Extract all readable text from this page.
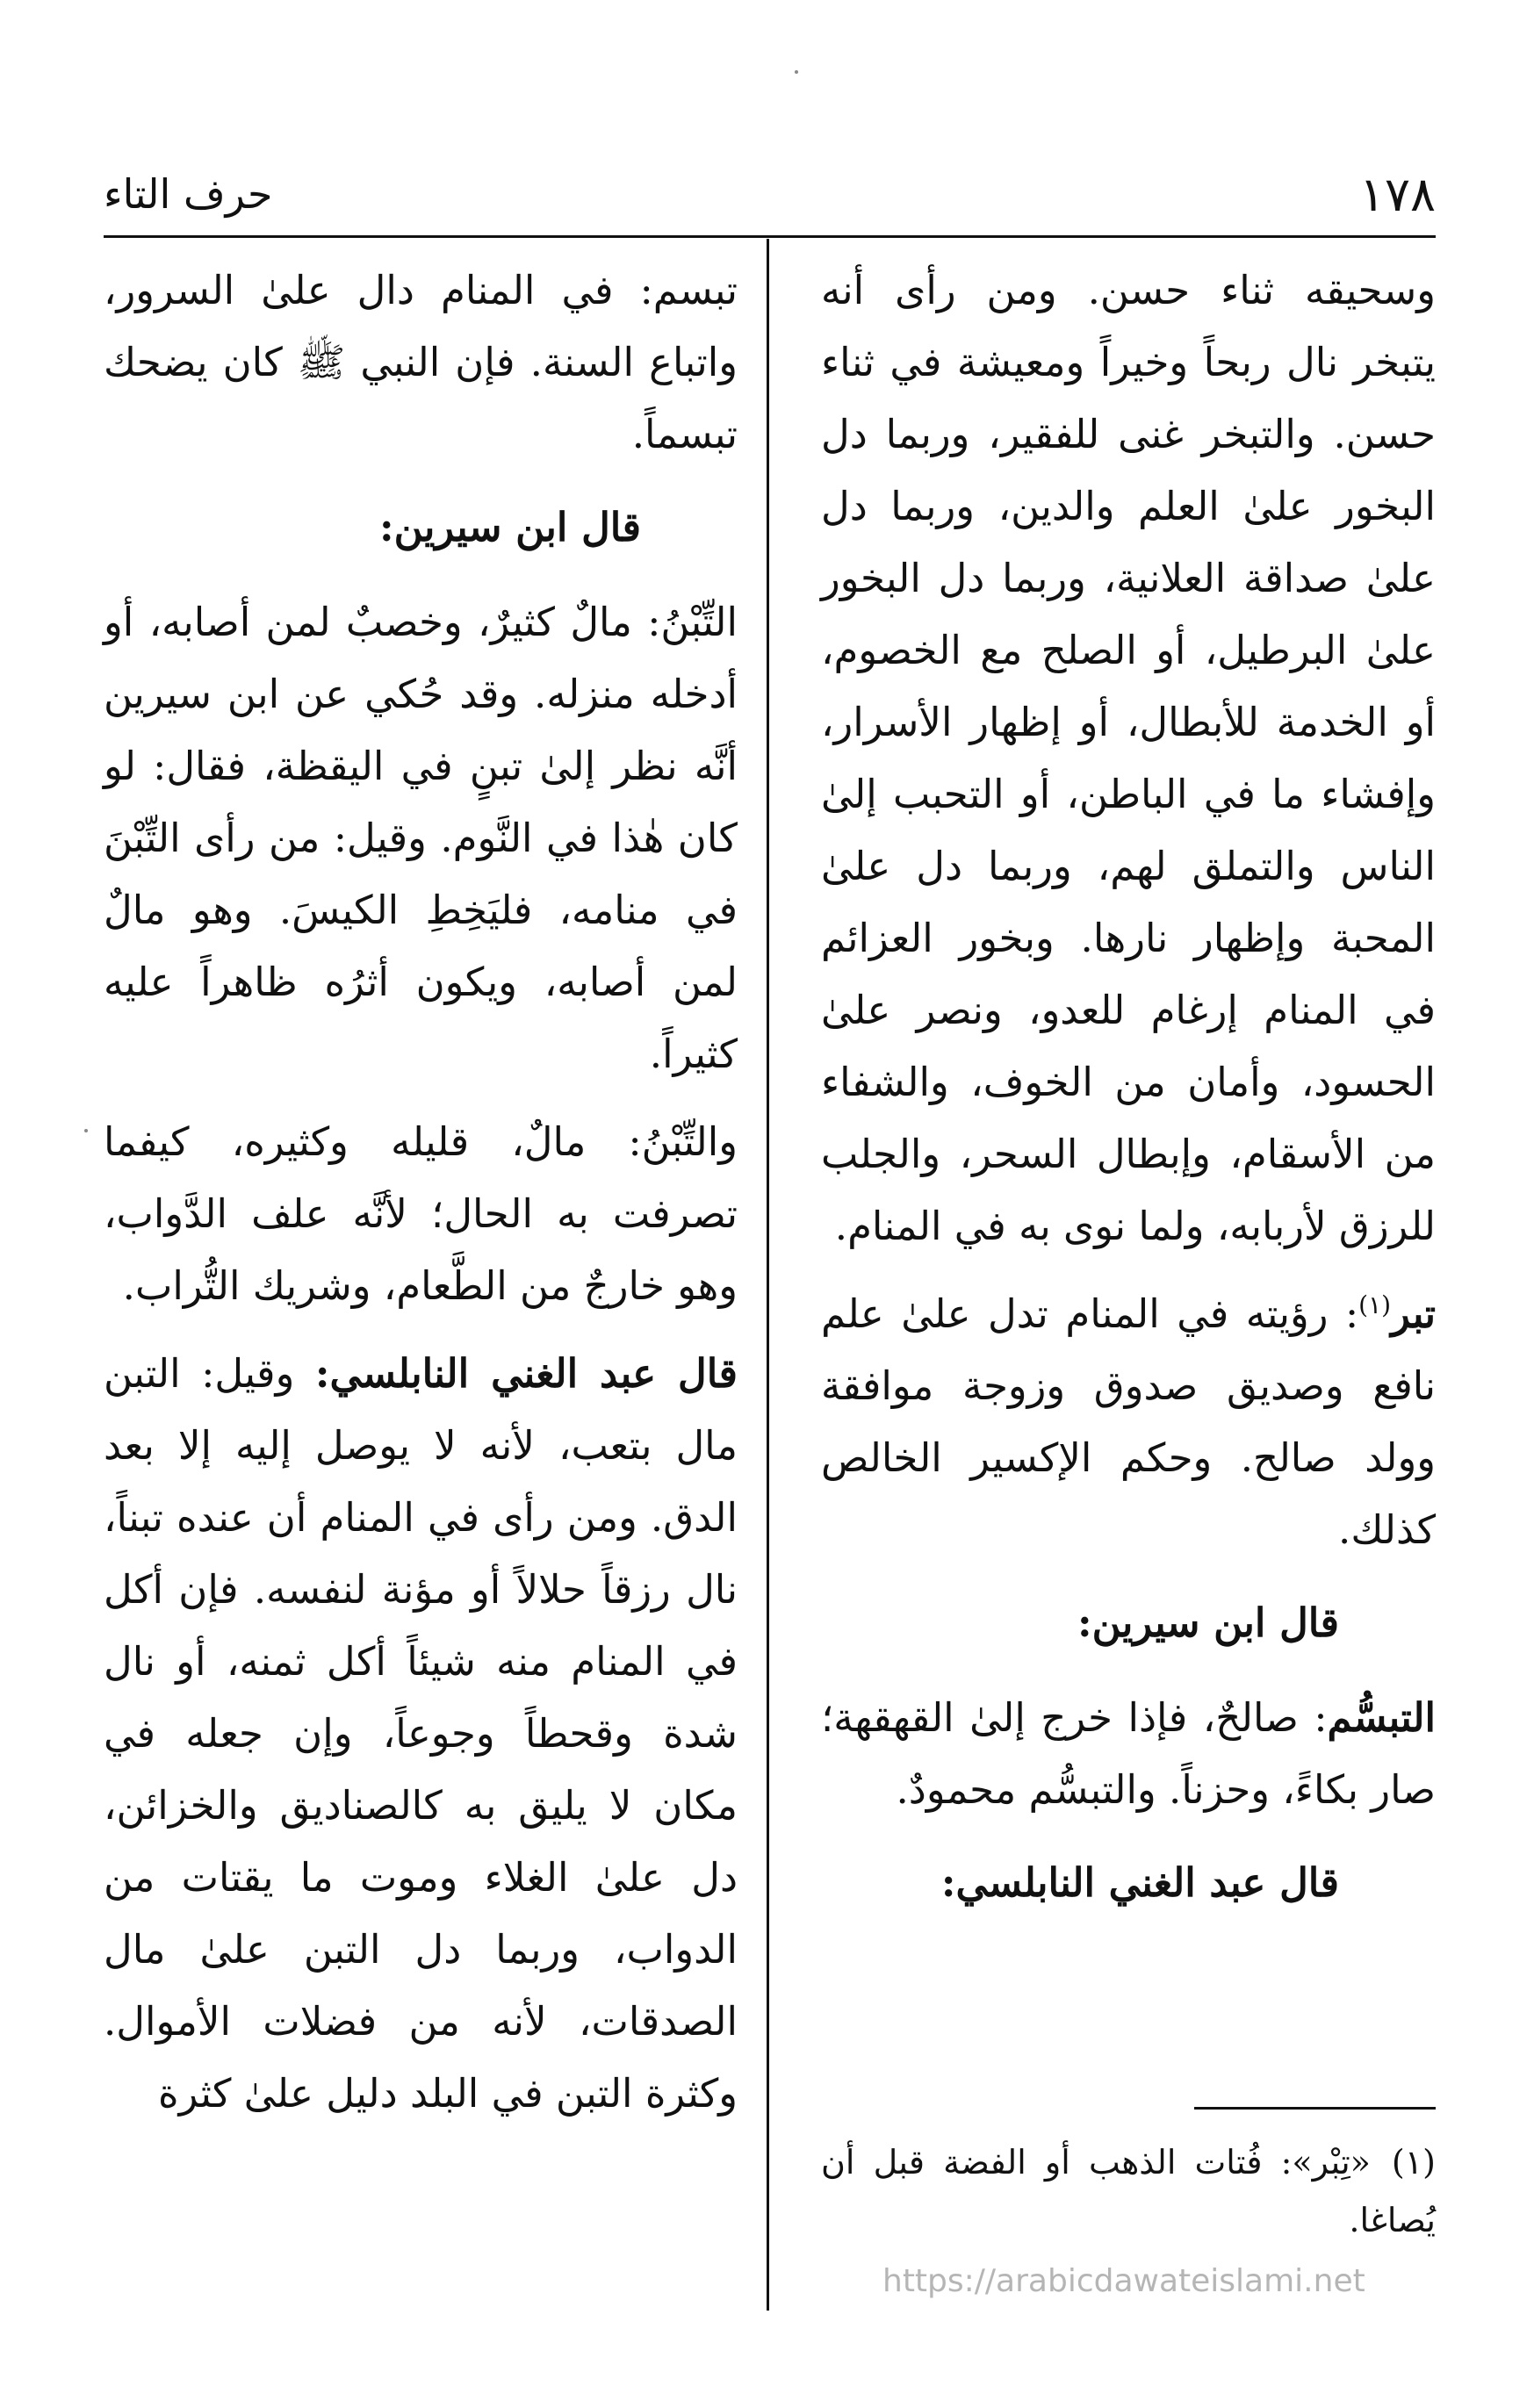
١٧٨
حرف التاء

وسحيقه ثناء حسن. ومن رأى أنه يتبخر نال ربحاً وخيراً ومعيشة في ثناء حسن. والتبخر غنى للفقير، وربما دل البخور علىٰ العلم والدين، وربما دل علىٰ صداقة العلانية، وربما دل البخور علىٰ البرطيل، أو الصلح مع الخصوم، أو الخدمة للأبطال، أو إظهار الأسرار، وإفشاء ما في الباطن، أو التحبب إلىٰ الناس والتملق لهم، وربما دل علىٰ المحبة وإظهار نارها. وبخور العزائم في المنام إرغام للعدو، ونصر علىٰ الحسود، وأمان من الخوف، والشفاء من الأسقام، وإبطال السحر، والجلب للرزق لأربابه، ولما نوى به في المنام.

تبر$^{(١)}$: رؤيته في المنام تدل علىٰ علم نافع وصديق صدوق وزوجة موافقة وولد صالح. وحكم الإكسير الخالص كذلك.

قال ابن سيرين:

التبسُّم: صالحٌ، فإذا خرج إلىٰ القهقهة؛ صار بكاءً، وحزناً. والتبسُّم محمودٌ.

قال عبد الغني النابلسي:

تبسم: في المنام دال علىٰ السرور، واتباع السنة. فإن النبي ﷺ كان يضحك تبسماً.

قال ابن سيرين:

التِّبْنُ: مالٌ كثيرٌ، وخصبٌ لمن أصابه، أو أدخله منزله. وقد حُكي عن ابن سيرين أنَّه نظر إلىٰ تبنٍ في اليقظة، فقال: لو كان هٰذا في النَّوم. وقيل: من رأى التِّبْنَ في منامه، فليَخِطِ الكيسَ. وهو مالٌ لمن أصابه، ويكون أثرُه ظاهراً عليه كثيراً.

والتِّبْنُ: مالٌ، قليله وكثيره، كيفما تصرفت به الحال؛ لأنَّه علف الدَّواب، وهو خارجٌ من الطَّعام، وشريك التُّراب.

قال عبد الغني النابلسي: وقيل: التبن مال بتعب، لأنه لا يوصل إليه إلا بعد الدق. ومن رأى في المنام أن عنده تبناً، نال رزقاً حلالاً أو مؤنة لنفسه. فإن أكل في المنام منه شيئاً أكل ثمنه، أو نال شدة وقحطاً وجوعاً، وإن جعله في مكان لا يليق به كالصناديق والخزائن، دل علىٰ الغلاء وموت ما يقتات من الدواب، وربما دل التبن علىٰ مال الصدقات، لأنه من فضلات الأموال. وكثرة التبن في البلد دليل علىٰ كثرة

(١)«تِبْر»: فُتات الذهب أو الفضة قبل أن يُصاغا.
https://arabicdawateislami.net
